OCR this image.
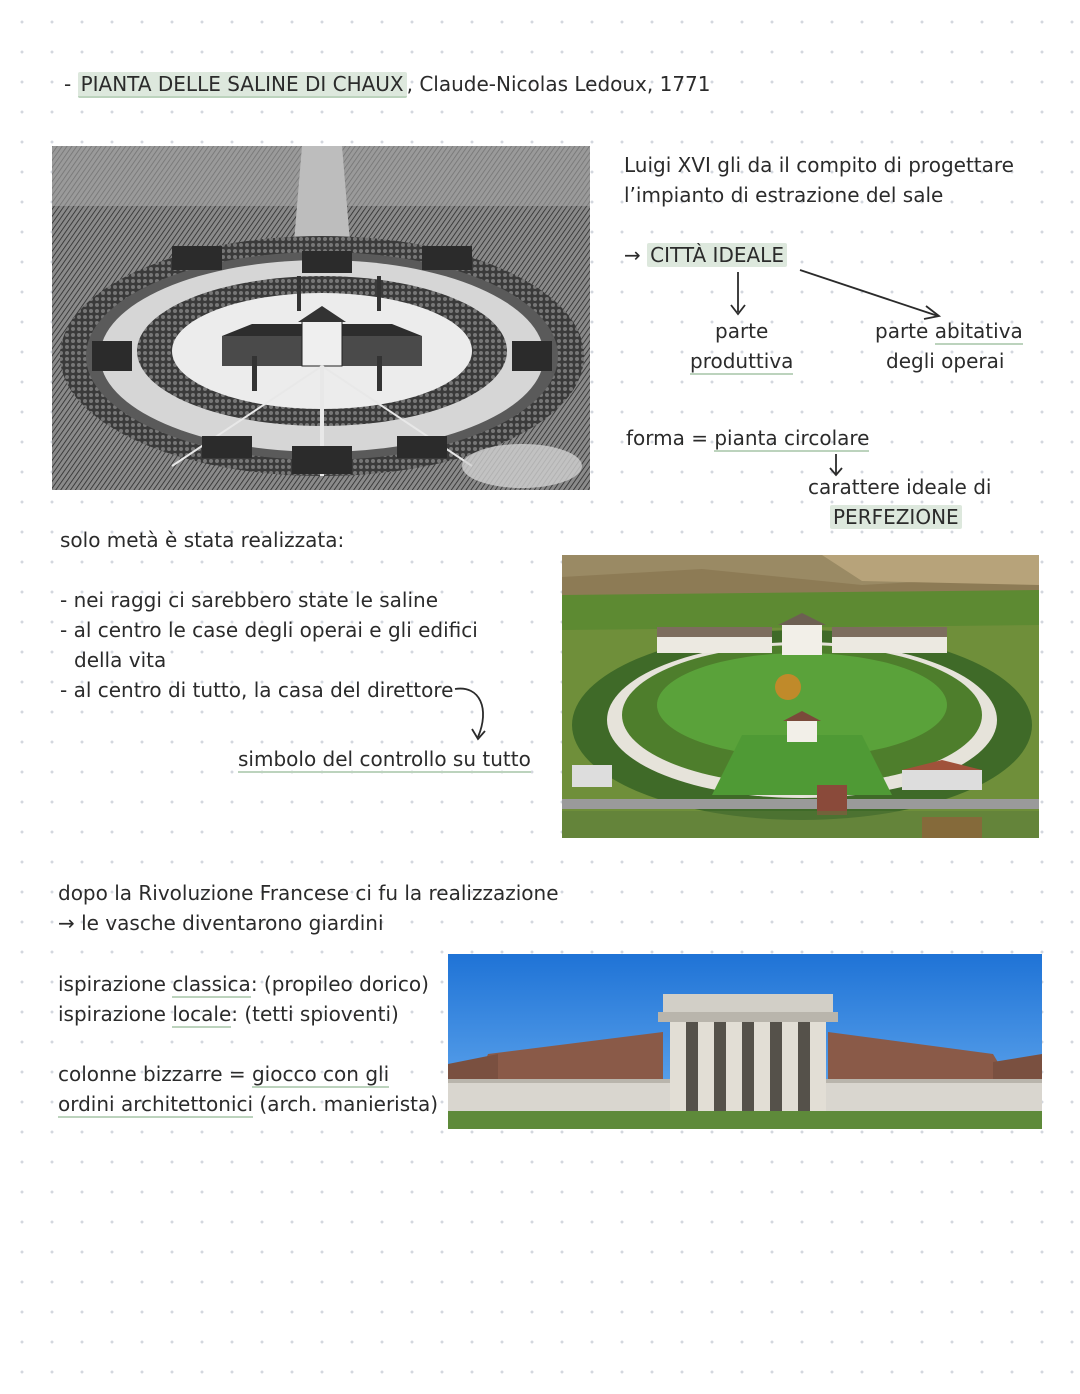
- PIANTA DELLE SALINE DI CHAUX , Claude-Nicolas Ledoux, 1771
Luigi XVI gli da il compito di progettare
l’impianto di estrazione del sale
→ CITTÀ IDEALE
parte
produttiva
parte abitativa
degli operai
forma = pianta circolare
carattere ideale di
PERFEZIONE
solo metà è stata realizzata:
- nei raggi ci sarebbero state le saline
- al centro le case degli operai e gli edifici
della vita
- al centro di tutto, la casa del direttore
simbolo del controllo su tutto
dopo la Rivoluzione Francese ci fu la realizzazione
→ le vasche diventarono giardini
ispirazione classica: (propileo dorico)
ispirazione locale: (tetti spioventi)
colonne bizzarre = giocco con gli
ordini architettonici (arch. manierista)
